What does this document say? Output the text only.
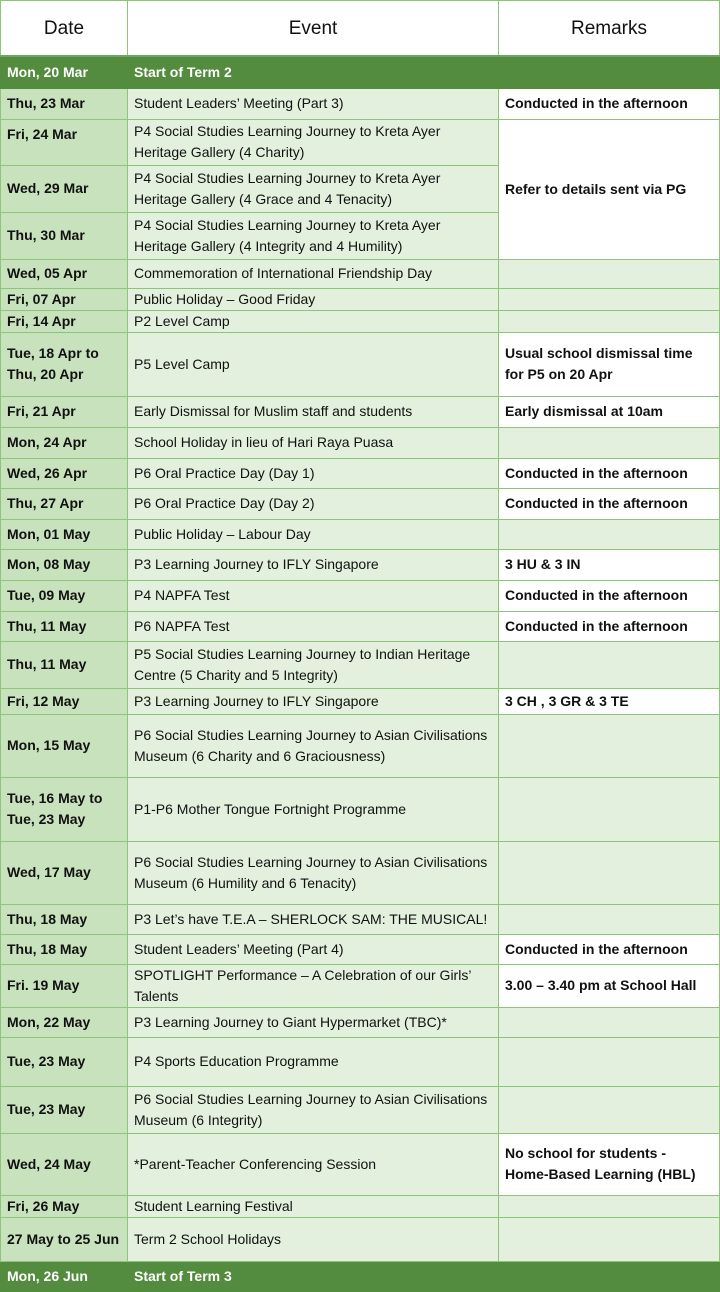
Date	Event	Remarks
Mon, 20 Mar	Start of Term 2	
Thu, 23 Mar	Student Leaders’ Meeting (Part 3)	Conducted in the afternoon
Fri, 24 Mar	P4 Social Studies Learning Journey to Kreta Ayer Heritage Gallery (4 Charity)	Refer to details sent via PG
Wed, 29 Mar	P4 Social Studies Learning Journey to Kreta Ayer Heritage Gallery (4 Grace and 4 Tenacity)	
Thu, 30 Mar	P4 Social Studies Learning Journey to Kreta Ayer Heritage Gallery (4 Integrity and 4 Humility)	
Wed, 05 Apr	Commemoration of International Friendship Day	
Fri, 07 Apr	Public Holiday – Good Friday	
Fri, 14 Apr	P2 Level Camp	
Tue, 18 Apr to Thu, 20 Apr	P5 Level Camp	Usual school dismissal time for P5 on 20 Apr
Fri, 21 Apr	Early Dismissal for Muslim staff and students	Early dismissal at 10am
Mon, 24 Apr	School Holiday in lieu of Hari Raya Puasa	
Wed, 26 Apr	P6 Oral Practice Day (Day 1)	Conducted in the afternoon
Thu, 27 Apr	P6 Oral Practice Day (Day 2)	Conducted in the afternoon
Mon, 01 May	Public Holiday – Labour Day	
Mon, 08 May	P3 Learning Journey to IFLY Singapore	3 HU & 3 IN
Tue, 09 May	P4 NAPFA Test	Conducted in the afternoon
Thu, 11 May	P6 NAPFA Test	Conducted in the afternoon
Thu, 11 May	P5 Social Studies Learning Journey to Indian Heritage Centre (5 Charity and 5 Integrity)	
Fri, 12 May	P3 Learning Journey to IFLY Singapore	3 CH , 3 GR & 3 TE
Mon, 15 May	P6 Social Studies Learning Journey to Asian Civilisations Museum (6 Charity and 6 Graciousness)	
Tue, 16 May to Tue, 23 May	P1-P6 Mother Tongue Fortnight Programme	
Wed, 17 May	P6 Social Studies Learning Journey to Asian Civilisations Museum (6 Humility and 6 Tenacity)	
Thu, 18 May	P3 Let’s have T.E.A – SHERLOCK SAM: THE MUSICAL!	
Thu, 18 May	Student Leaders’ Meeting (Part 4)	Conducted in the afternoon
Fri. 19 May	SPOTLIGHT Performance – A Celebration of our Girls’ Talents	3.00 – 3.40 pm at School Hall
Mon, 22 May	P3 Learning Journey to Giant Hypermarket (TBC)*	
Tue, 23 May	P4 Sports Education Programme	
Tue, 23 May	P6 Social Studies Learning Journey to Asian Civilisations Museum (6 Integrity)	
Wed, 24 May	*Parent-Teacher Conferencing Session	No school for students - Home-Based Learning (HBL)
Fri, 26 May	Student Learning Festival	
27 May to 25 Jun	Term 2 School Holidays	
Mon, 26 Jun	Start of Term 3	
